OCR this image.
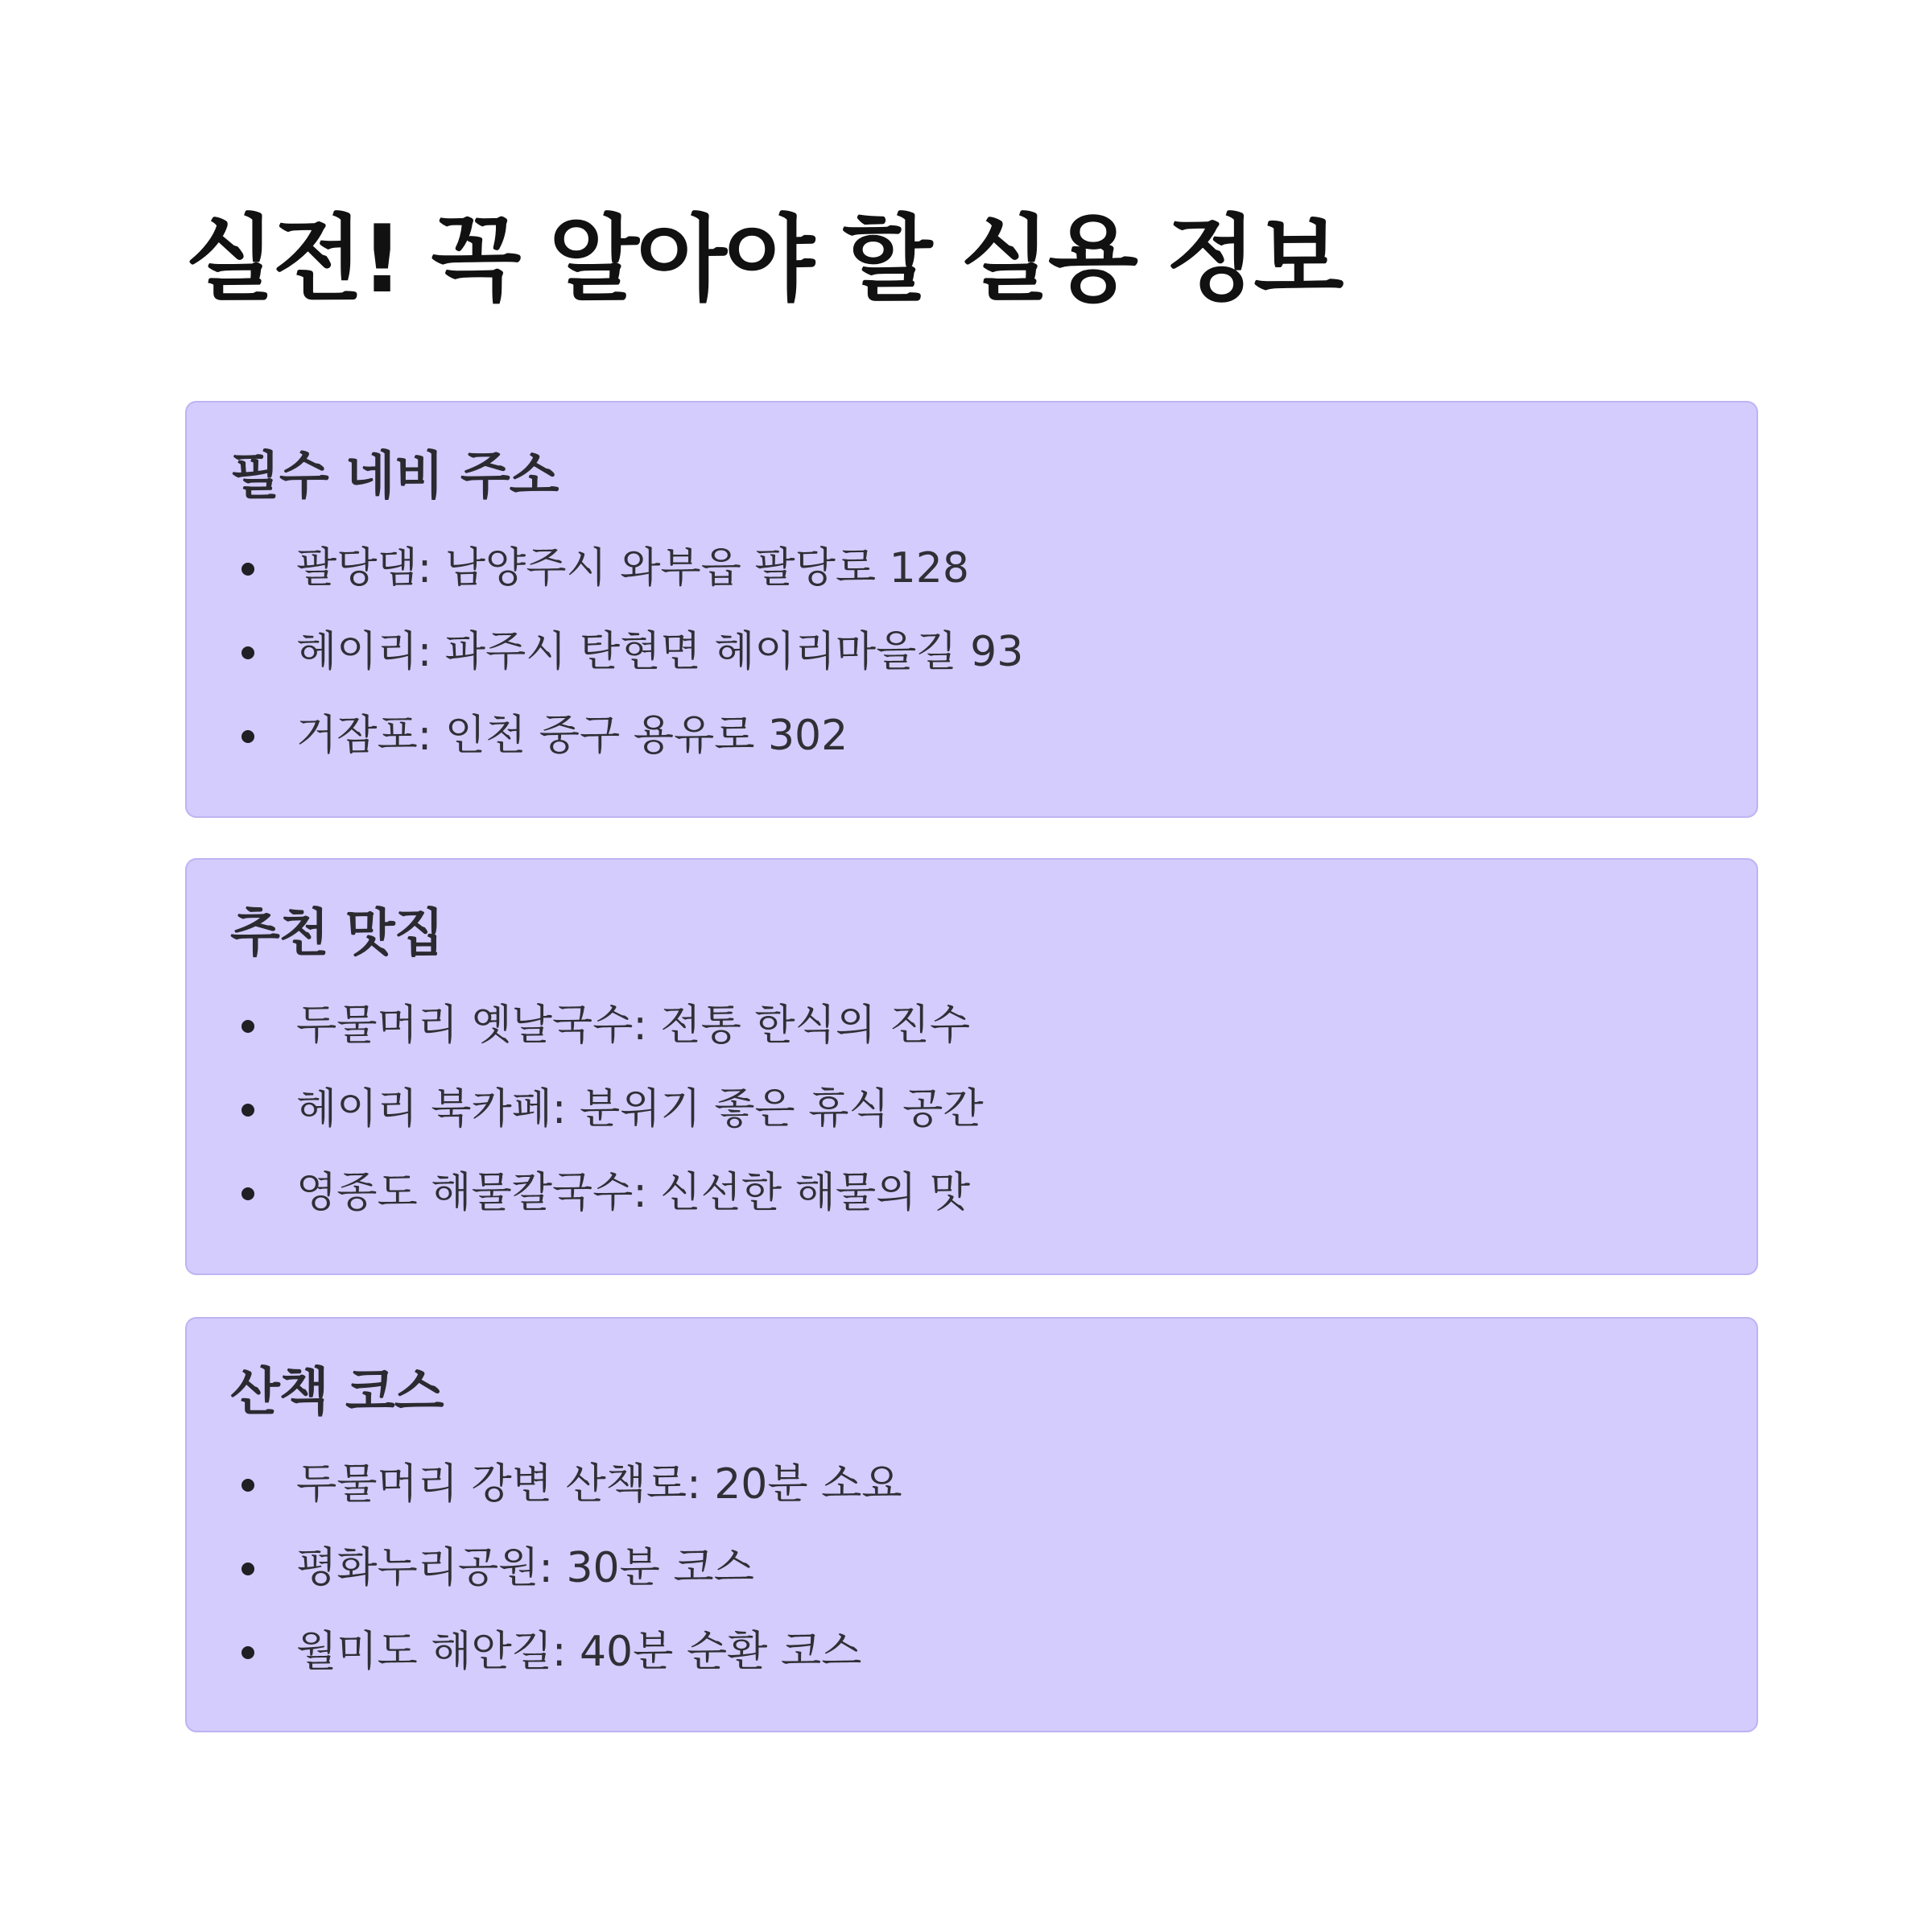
실전! 꼭 알아야 할 실용 정보
필수 네비 주소
팔당댐: 남양주시 와부읍 팔당로 128
헤이리: 파주시 탄현면 헤이리마을길 93
거잠포: 인천 중구 용유로 302
추천 맛집
두물머리 옛날국수: 전통 한식의 진수
헤이리 북카페: 분위기 좋은 휴식 공간
영종도 해물칼국수: 신선한 해물의 맛
산책 코스
두물머리 강변 산책로: 20분 소요
평화누리공원: 30분 코스
월미도 해안길: 40분 순환 코스
